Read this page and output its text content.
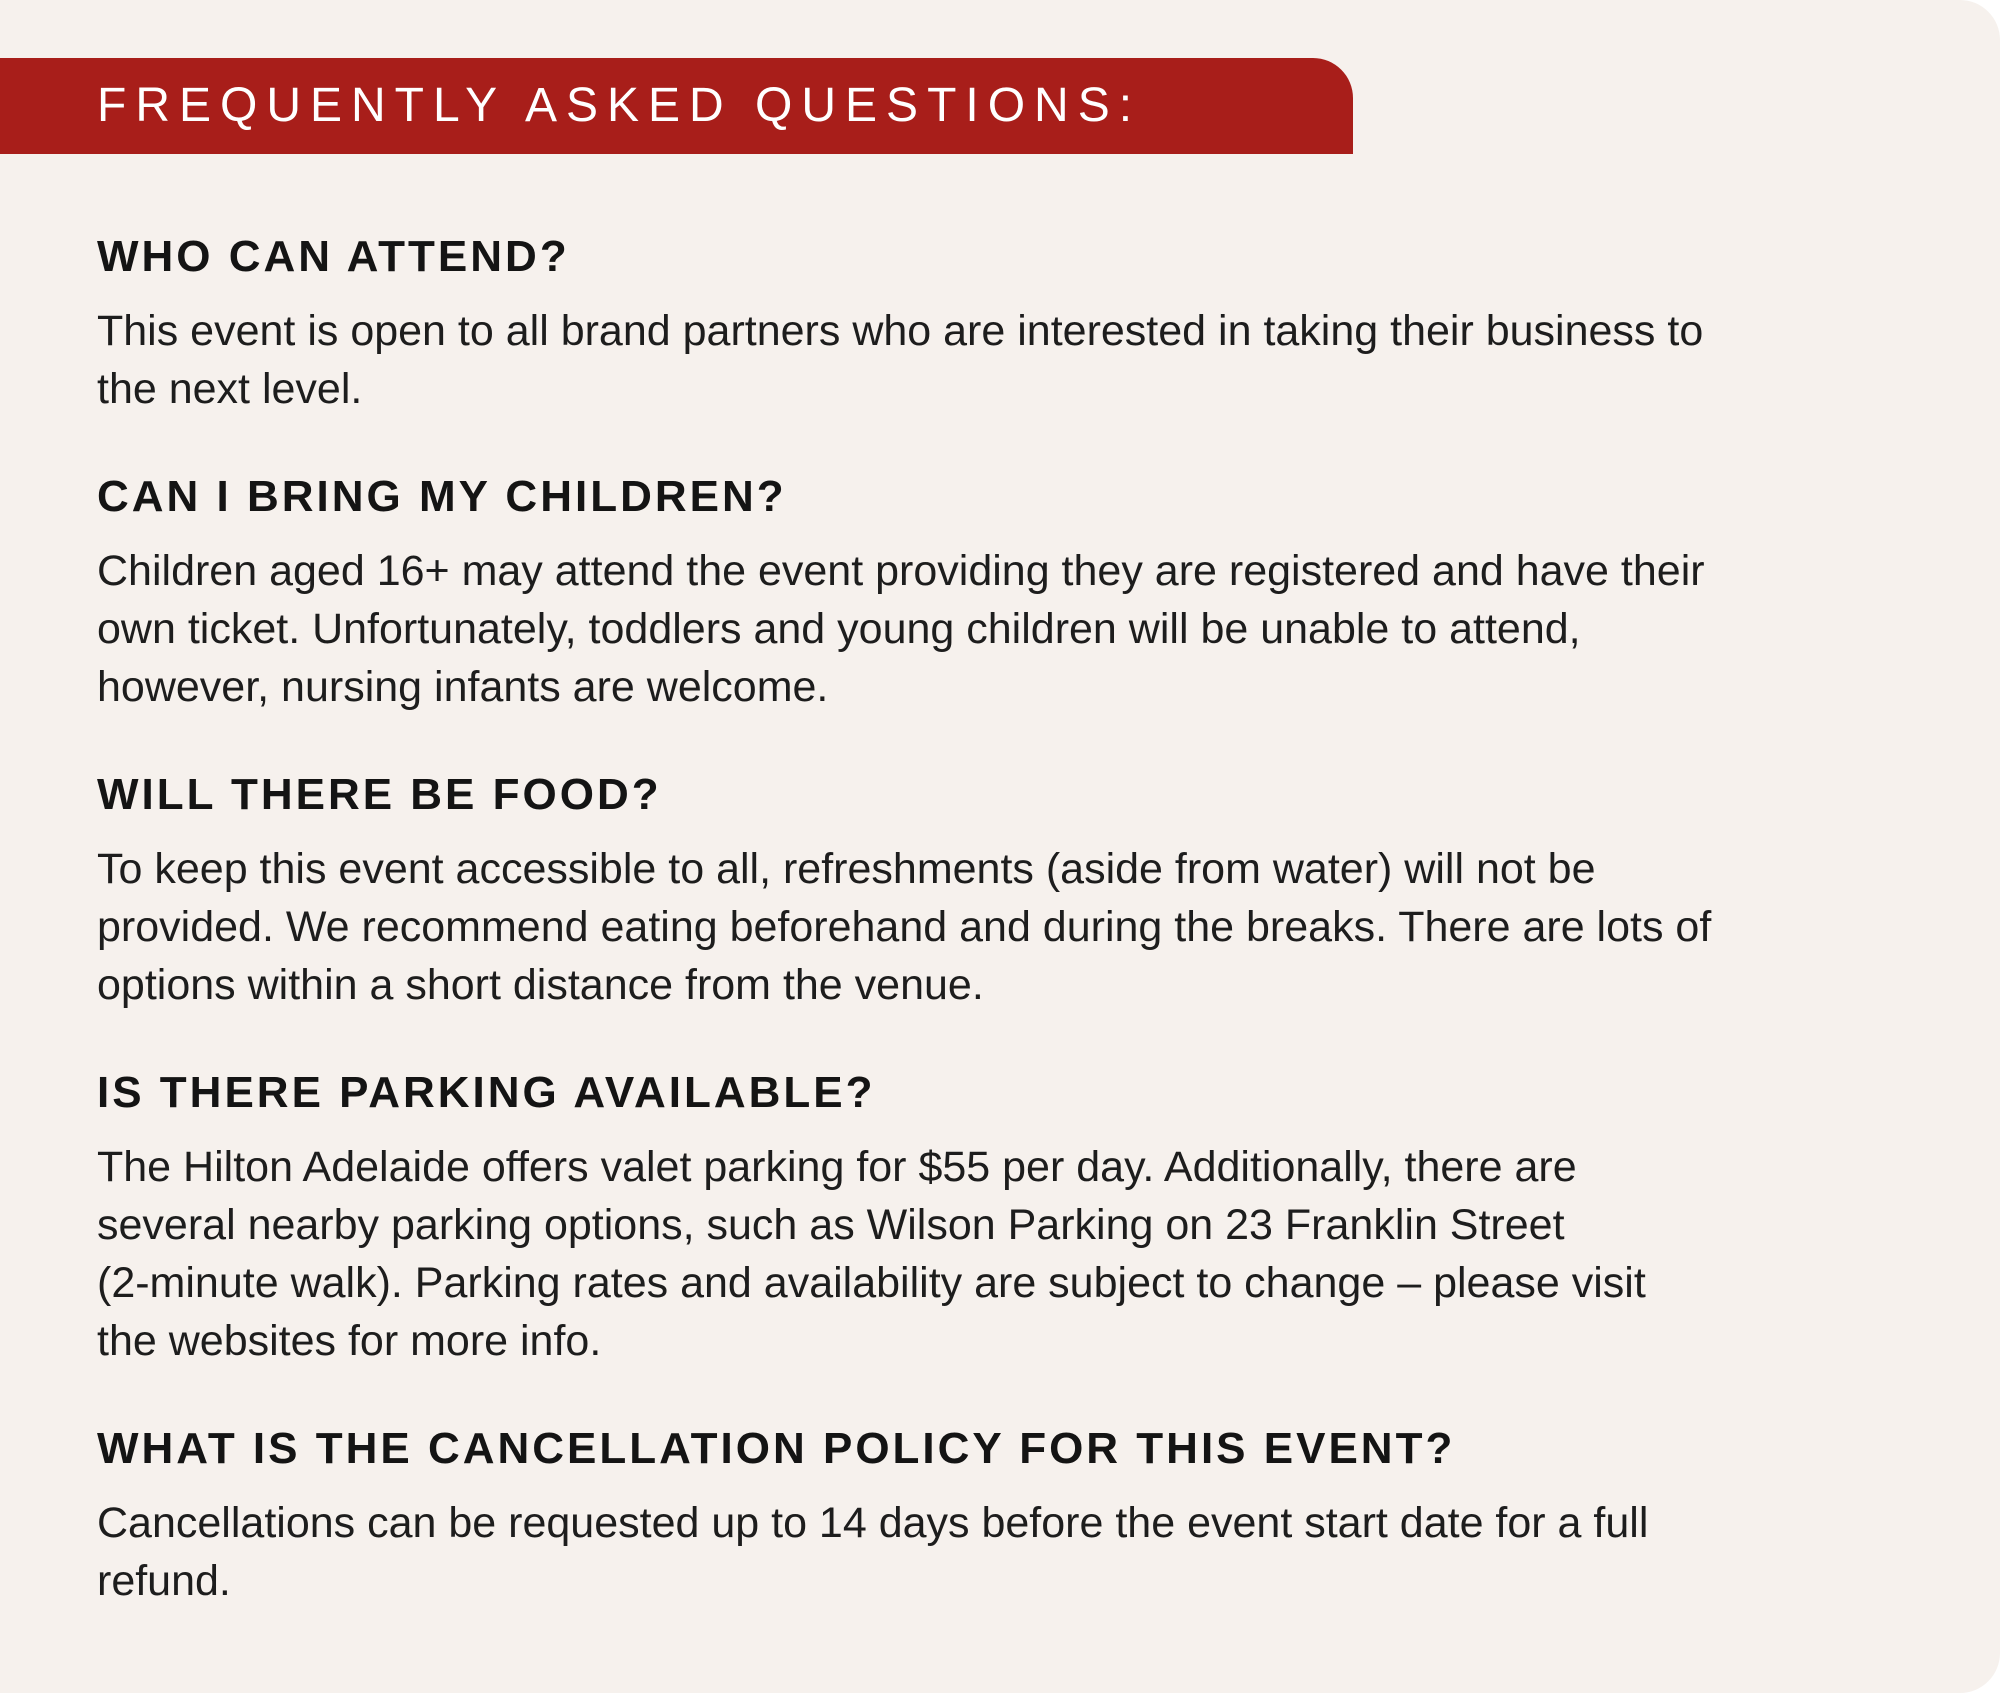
FREQUENTLY ASKED QUESTIONS:
WHO CAN ATTEND?
This event is open to all brand partners who are interested in taking their business to
the next level.
CAN I BRING MY CHILDREN?
Children aged 16+ may attend the event providing they are registered and have their
own ticket. Unfortunately, toddlers and young children will be unable to attend,
however, nursing infants are welcome.
WILL THERE BE FOOD?
To keep this event accessible to all, refreshments (aside from water) will not be
provided. We recommend eating beforehand and during the breaks. There are lots of
options within a short distance from the venue.
IS THERE PARKING AVAILABLE?
The Hilton Adelaide offers valet parking for $55 per day. Additionally, there are
several nearby parking options, such as Wilson Parking on 23 Franklin Street
(2-minute walk). Parking rates and availability are subject to change – please visit
the websites for more info.
WHAT IS THE CANCELLATION POLICY FOR THIS EVENT?
Cancellations can be requested up to 14 days before the event start date for a full
refund.
